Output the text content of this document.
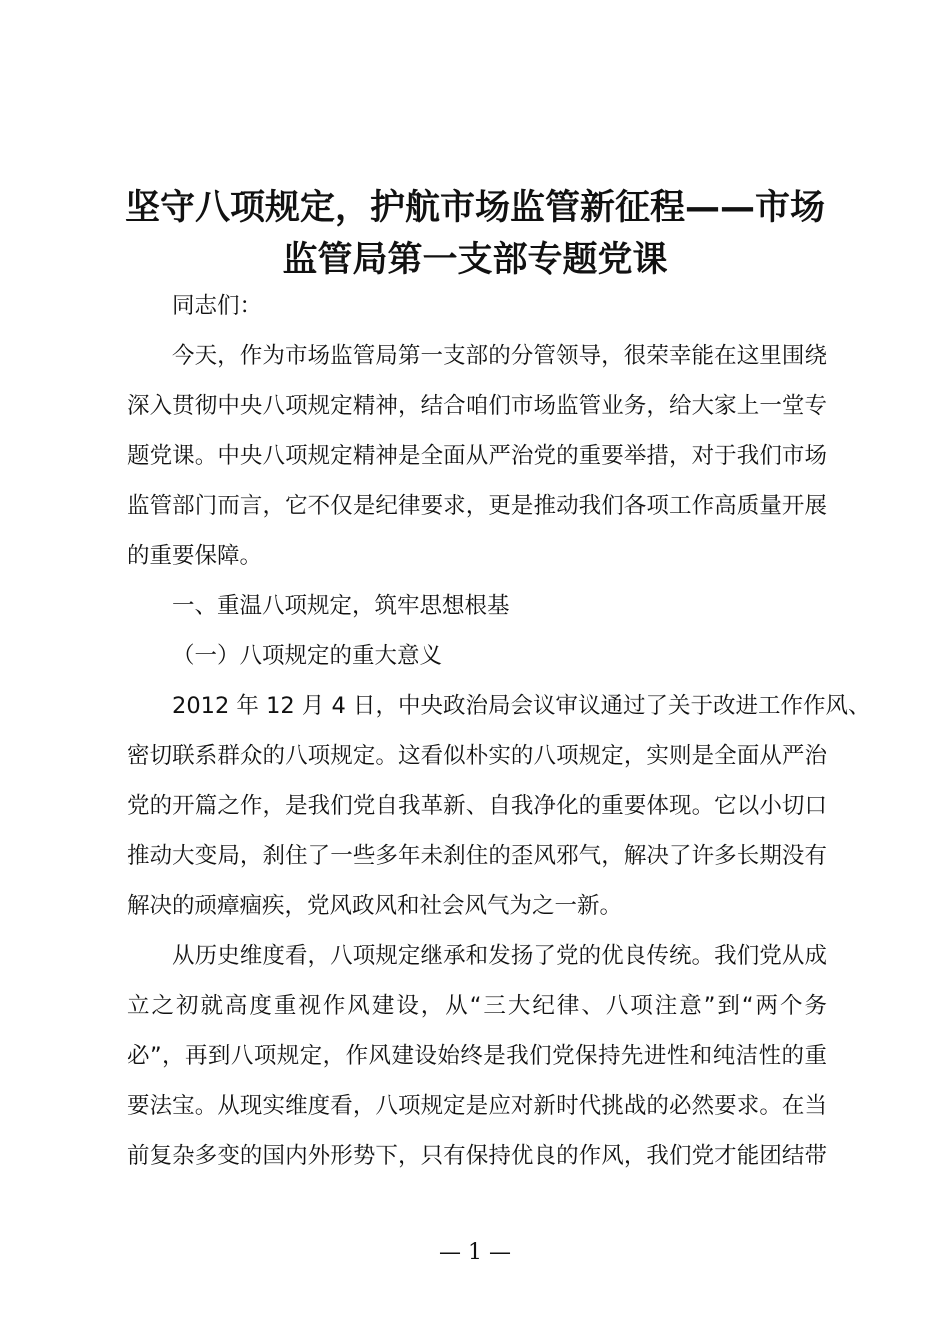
坚守八项规定，护航市场监管新征程——市场
监管局第一支部专题党课
同志们：
今天，作为市场监管局第一支部的分管领导，很荣幸能在这里围绕
深入贯彻中央八项规定精神，结合咱们市场监管业务，给大家上一堂专
题党课。中央八项规定精神是全面从严治党的重要举措，对于我们市场
监管部门而言，它不仅是纪律要求，更是推动我们各项工作高质量开展
的重要保障。
一、重温八项规定，筑牢思想根基
（一）八项规定的重大意义
2012 年 12 月 4 日，中央政治局会议审议通过了关于改进工作作风、
密切联系群众的八项规定。这看似朴实的八项规定，实则是全面从严治
党的开篇之作，是我们党自我革新、自我净化的重要体现。它以小切口
推动大变局，刹住了一些多年未刹住的歪风邪气，解决了许多长期没有
解决的顽瘴痼疾，党风政风和社会风气为之一新。
从历史维度看，八项规定继承和发扬了党的优良传统。我们党从成
立之初就高度重视作风建设，从“三大纪律、八项注意”到“两个务
必”，再到八项规定，作风建设始终是我们党保持先进性和纯洁性的重
要法宝。从现实维度看，八项规定是应对新时代挑战的必然要求。在当
前复杂多变的国内外形势下，只有保持优良的作风，我们党才能团结带
— 1 —
